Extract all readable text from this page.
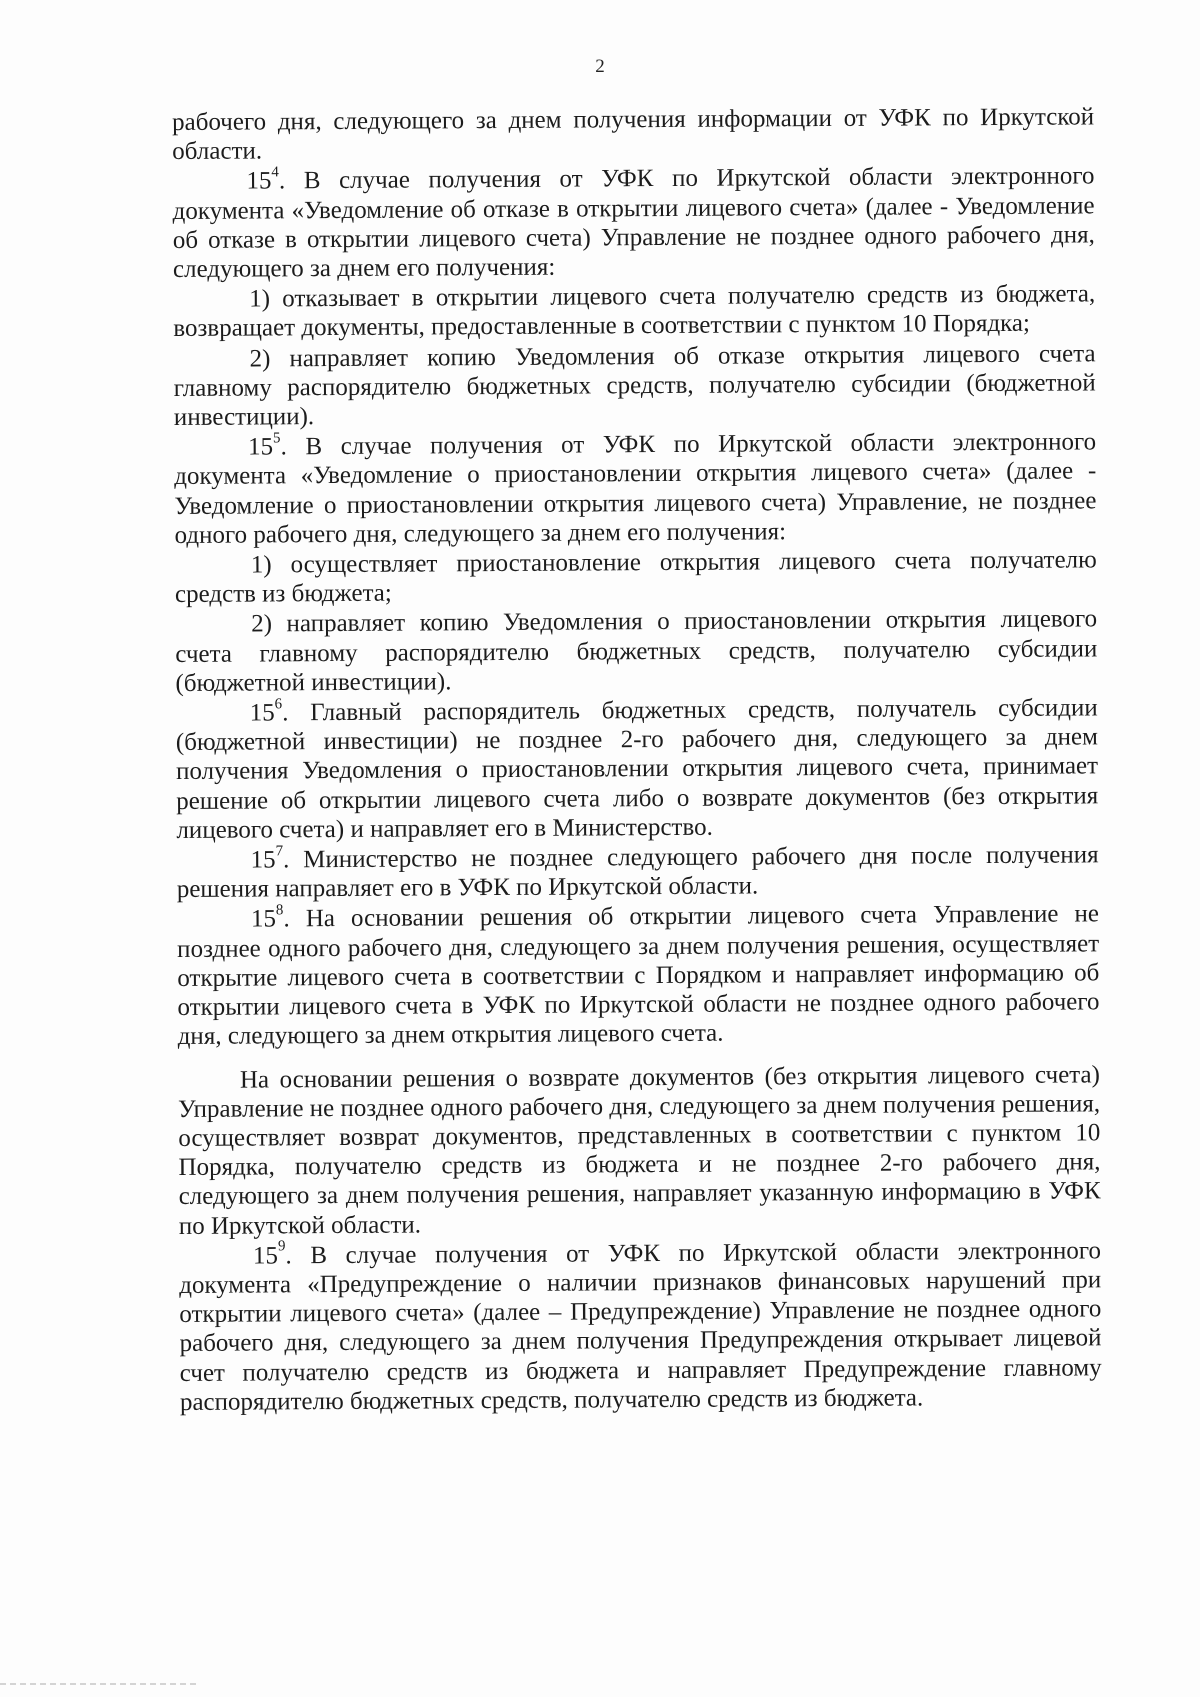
2

рабочего дня, следующего за днем получения информации от УФК по Иркутской области.

$15^4$. В случае получения от УФК по Иркутской области электронного документа «Уведомление об отказе в открытии лицевого счета» (далее - Уведомление об отказе в открытии лицевого счета) Управление не позднее одного рабочего дня, следующего за днем его получения:

1) отказывает в открытии лицевого счета получателю средств из бюджета, возвращает документы, предоставленные в соответствии с пунктом 10 Порядка;

2) направляет копию Уведомления об отказе открытия лицевого счета главному распорядителю бюджетных средств, получателю субсидии (бюджетной инвестиции).

$15^5$. В случае получения от УФК по Иркутской области электронного документа «Уведомление о приостановлении открытия лицевого счета» (далее - Уведомление о приостановлении открытия лицевого счета) Управление, не позднее одного рабочего дня, следующего за днем его получения:

1) осуществляет приостановление открытия лицевого счета получателю средств из бюджета;

2) направляет копию Уведомления о приостановлении открытия лицевого счета главному распорядителю бюджетных средств, получателю субсидии (бюджетной инвестиции).

$15^6$. Главный распорядитель бюджетных средств, получатель субсидии (бюджетной инвестиции) не позднее 2-го рабочего дня, следующего за днем получения Уведомления о приостановлении открытия лицевого счета, принимает решение об открытии лицевого счета либо о возврате документов (без открытия лицевого счета) и направляет его в Министерство.

$15^7$. Министерство не позднее следующего рабочего дня после получения решения направляет его в УФК по Иркутской области.

$15^8$. На основании решения об открытии лицевого счета Управление не позднее одного рабочего дня, следующего за днем получения решения, осуществляет открытие лицевого счета в соответствии с Порядком и направляет информацию об открытии лицевого счета в УФК по Иркутской области не позднее одного рабочего дня, следующего за днем открытия лицевого счета.

На основании решения о возврате документов (без открытия лицевого счета) Управление не позднее одного рабочего дня, следующего за днем получения решения, осуществляет возврат документов, представленных в соответствии с пунктом 10 Порядка, получателю средств из бюджета и не позднее 2-го рабочего дня, следующего за днем получения решения, направляет указанную информацию в УФК по Иркутской области.

$15^9$. В случае получения от УФК по Иркутской области электронного документа «Предупреждение о наличии признаков финансовых нарушений при открытии лицевого счета» (далее – Предупреждение) Управление не позднее одного рабочего дня, следующего за днем получения Предупреждения открывает лицевой счет получателю средств из бюджета и направляет Предупреждение главному распорядителю бюджетных средств, получателю средств из бюджета.
